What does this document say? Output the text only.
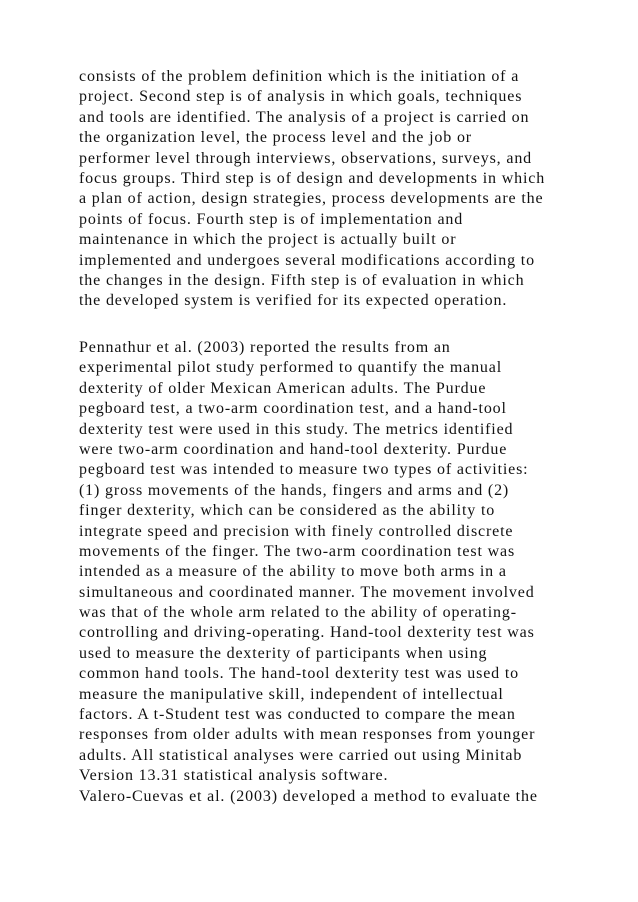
consists of the problem definition which is the initiation of a
project. Second step is of analysis in which goals, techniques
and tools are identified. The analysis of a project is carried on
the organization level, the process level and the job or
performer level through interviews, observations, surveys, and
focus groups. Third step is of design and developments in which
a plan of action, design strategies, process developments are the
points of focus. Fourth step is of implementation and
maintenance in which the project is actually built or
implemented and undergoes several modifications according to
the changes in the design. Fifth step is of evaluation in which
the developed system is verified for its expected operation.
Pennathur et al. (2003) reported the results from an
experimental pilot study performed to quantify the manual
dexterity of older Mexican American adults. The Purdue
pegboard test, a two-arm coordination test, and a hand-tool
dexterity test were used in this study. The metrics identified
were two-arm coordination and hand-tool dexterity. Purdue
pegboard test was intended to measure two types of activities:
(1) gross movements of the hands, fingers and arms and (2)
finger dexterity, which can be considered as the ability to
integrate speed and precision with finely controlled discrete
movements of the finger. The two-arm coordination test was
intended as a measure of the ability to move both arms in a
simultaneous and coordinated manner. The movement involved
was that of the whole arm related to the ability of operating-
controlling and driving-operating. Hand-tool dexterity test was
used to measure the dexterity of participants when using
common hand tools. The hand-tool dexterity test was used to
measure the manipulative skill, independent of intellectual
factors. A t-Student test was conducted to compare the mean
responses from older adults with mean responses from younger
adults. All statistical analyses were carried out using Minitab
Version 13.31 statistical analysis software.
Valero-Cuevas et al. (2003) developed a method to evaluate the
